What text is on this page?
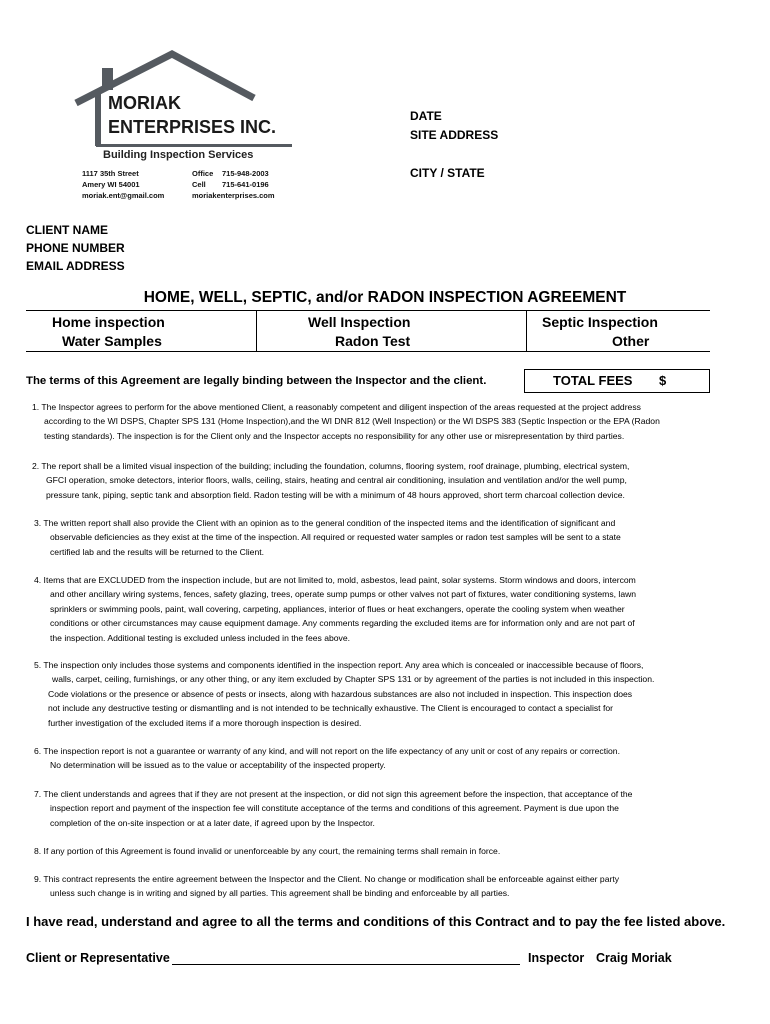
MORIAK
ENTERPRISES INC.
Building Inspection Services
1117 35th Street
Amery WI 54001
moriak.ent@gmail.com
Office 715-948-2003
Cell 715-641-0196
moriakenterprises.com
DATE
SITE ADDRESS
CITY / STATE
CLIENT NAME
PHONE NUMBER
EMAIL ADDRESS
HOME, WELL, SEPTIC, and/or RADON INSPECTION AGREEMENT
Home inspection
Water Samples
Well Inspection
Radon Test
Septic Inspection
Other
The terms of this Agreement are legally binding between the Inspector and the client.	TOTAL FEES $
1. The Inspector agrees to perform for the above mentioned Client, a reasonably competent and diligent inspection of the areas requested at the project address
according to the WI DSPS, Chapter SPS 131 (Home Inspection),and the WI DNR 812 (Well Inspection) or the WI DSPS 383 (Septic Inspection or the EPA (Radon
testing standards). The inspection is for the Client only and the Inspector accepts no responsibility for any other use or misrepresentation by third parties.
2. The report shall be a limited visual inspection of the building; including the foundation, columns, flooring system, roof drainage, plumbing, electrical system,
GFCI operation, smoke detectors, interior floors, walls, ceiling, stairs, heating and central air conditioning, insulation and ventilation and/or the well pump,
pressure tank, piping, septic tank and absorption field. Radon testing will be with a minimum of 48 hours approved, short term charcoal collection device.
3. The written report shall also provide the Client with an opinion as to the general condition of the inspected items and the identification of significant and
observable deficiencies as they exist at the time of the inspection. All required or requested water samples or radon test samples will be sent to a state
certified lab and the results will be returned to the Client.
4. Items that are EXCLUDED from the inspection include, but are not limited to, mold, asbestos, lead paint, solar systems. Storm windows and doors, intercom
and other ancillary wiring systems, fences, safety glazing, trees, operate sump pumps or other valves not part of fixtures, water conditioning systems, lawn
sprinklers or swimming pools, paint, wall covering, carpeting, appliances, interior of flues or heat exchangers, operate the cooling system when weather
conditions or other circumstances may cause equipment damage. Any comments regarding the excluded items are for information only and are not part of
the inspection. Additional testing is excluded unless included in the fees above.
5. The inspection only includes those systems and components identified in the inspection report. Any area which is concealed or inaccessible because of floors,
walls, carpet, ceiling, furnishings, or any other thing, or any item excluded by Chapter SPS 131 or by agreement of the parties is not included in this inspection.
Code violations or the presence or absence of pests or insects, along with hazardous substances are also not included in inspection. This inspection does
not include any destructive testing or dismantling and is not intended to be technically exhaustive. The Client is encouraged to contact a specialist for
further investigation of the excluded items if a more thorough inspection is desired.
6. The inspection report is not a guarantee or warranty of any kind, and will not report on the life expectancy of any unit or cost of any repairs or correction.
No determination will be issued as to the value or acceptability of the inspected property.
7. The client understands and agrees that if they are not present at the inspection, or did not sign this agreement before the inspection, that acceptance of the
inspection report and payment of the inspection fee will constitute acceptance of the terms and conditions of this agreement. Payment is due upon the
completion of the on-site inspection or at a later date, if agreed upon by the Inspector.
8. If any portion of this Agreement is found invalid or unenforceable by any court, the remaining terms shall remain in force.
9. This contract represents the entire agreement between the Inspector and the Client. No change or modification shall be enforceable against either party
unless such change is in writing and signed by all parties. This agreement shall be binding and enforceable by all parties.
I have read, understand and agree to all the terms and conditions of this Contract and to pay the fee listed above.
Client or Representative	Inspector Craig Moriak
